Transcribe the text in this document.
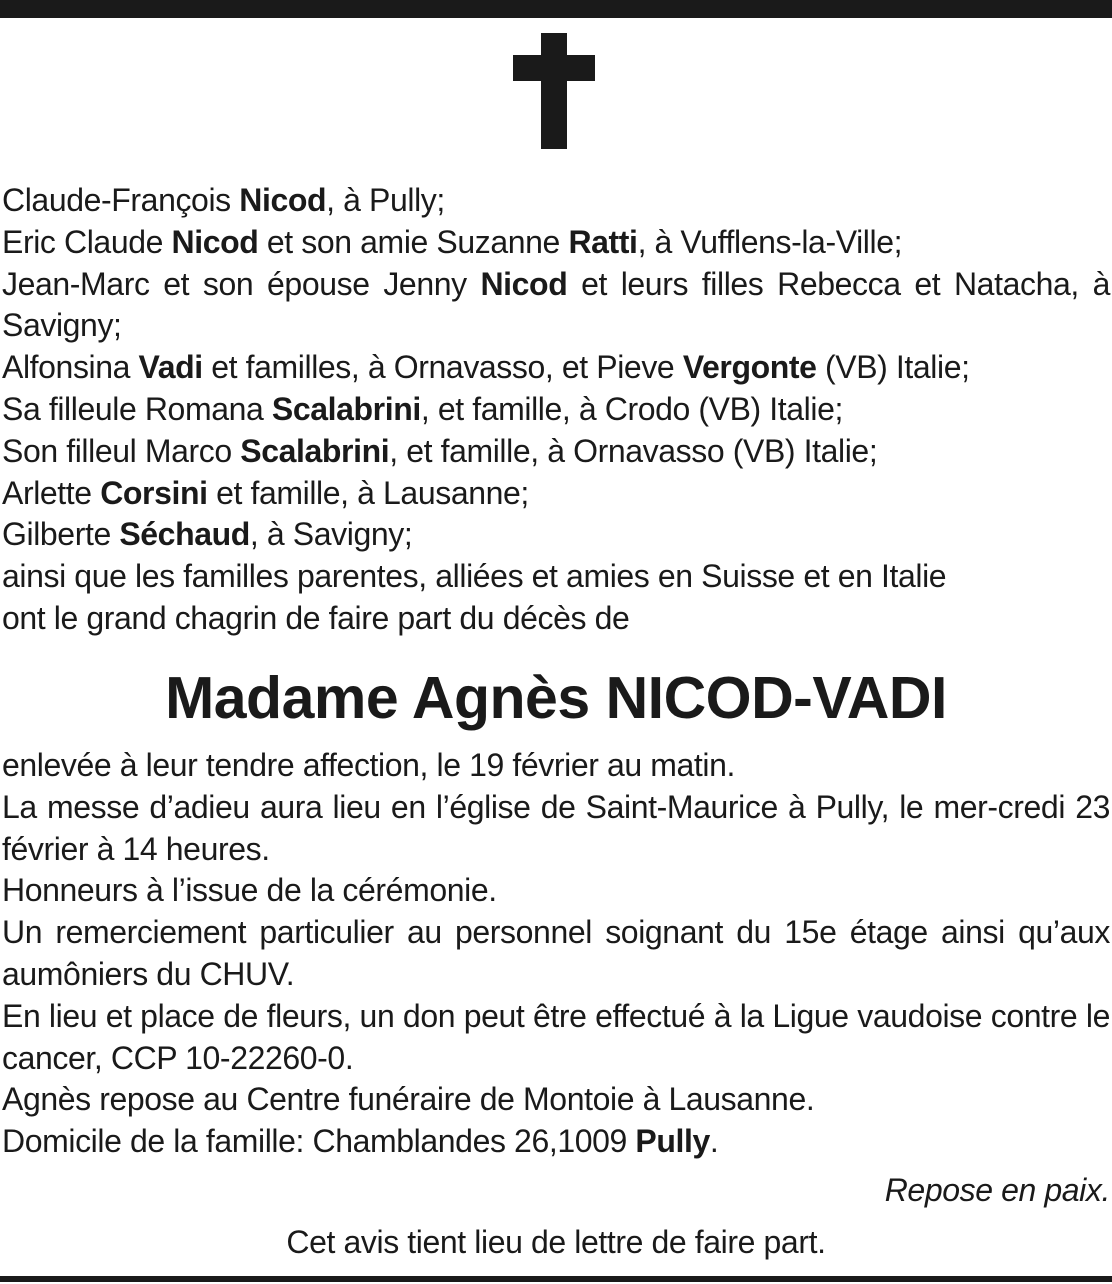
Claude-François Nicod, à Pully;

Eric Claude Nicod et son amie Suzanne Ratti, à Vufflens-la-Ville;

Jean-Marc et son épouse Jenny Nicod et leurs filles Rebecca et Natacha, à Savigny;

Alfonsina Vadi et familles, à Ornavasso, et Pieve Vergonte (VB) Italie;

Sa filleule Romana Scalabrini, et famille, à Crodo (VB) Italie;

Son filleul Marco Scalabrini, et famille, à Ornavasso (VB) Italie;

Arlette Corsini et famille, à Lausanne;

Gilberte Séchaud, à Savigny;

ainsi que les familles parentes, alliées et amies en Suisse et en Italie

ont le grand chagrin de faire part du décès de

Madame Agnès NICOD-VADI

enlevée à leur tendre affection, le 19 février au matin.

La messe d’adieu aura lieu en l’église de Saint-Maurice à Pully, le mer-credi 23 février à 14 heures.

Honneurs à l’issue de la cérémonie.

Un remerciement particulier au personnel soignant du 15e étage ainsi qu’aux aumôniers du CHUV.

En lieu et place de fleurs, un don peut être effectué à la Ligue vaudoise contre le cancer, CCP 10-22260-0.

Agnès repose au Centre funéraire de Montoie à Lausanne.

Domicile de la famille: Chamblandes 26,1009 Pully.

Repose en paix.
Cet avis tient lieu de lettre de faire part.
